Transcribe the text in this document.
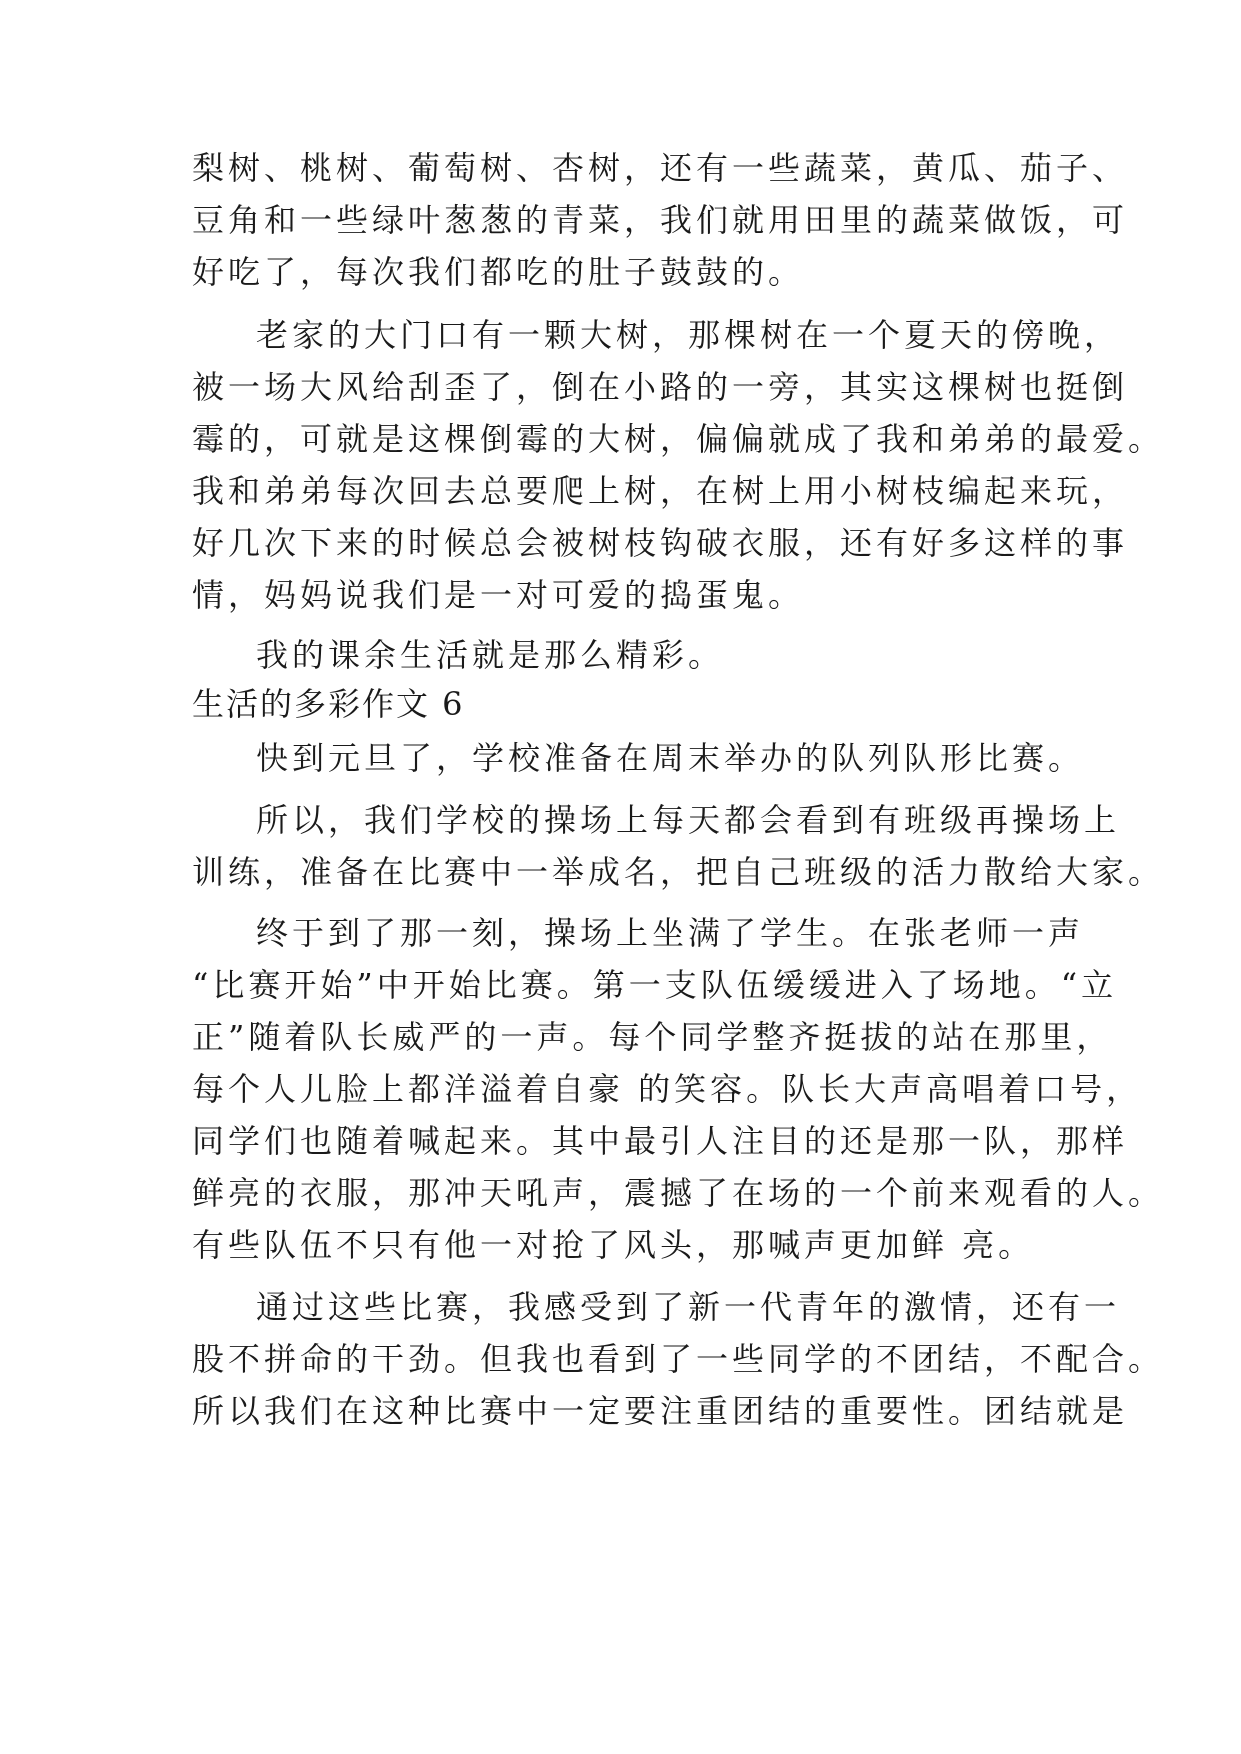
梨树、桃树、葡萄树、杏树，还有一些蔬菜，黄瓜、茄子、
豆角和一些绿叶葱葱的青菜，我们就用田里的蔬菜做饭，可
好吃了，每次我们都吃的肚子鼓鼓的。
老家的大门口有一颗大树，那棵树在一个夏天的傍晚，
被一场大风给刮歪了，倒在小路的一旁，其实这棵树也挺倒
霉的，可就是这棵倒霉的大树，偏偏就成了我和弟弟的最爱。
我和弟弟每次回去总要爬上树，在树上用小树枝编起来玩，
好几次下来的时候总会被树枝钩破衣服，还有好多这样的事
情，妈妈说我们是一对可爱的捣蛋鬼。
我的课余生活就是那么精彩。
生活的多彩作文 6
快到元旦了，学校准备在周末举办的队列队形比赛。
所以，我们学校的操场上每天都会看到有班级再操场上
训练，准备在比赛中一举成名，把自己班级的活力散给大家。
终于到了那一刻，操场上坐满了学生。在张老师一声
“比赛开始”中开始比赛。第一支队伍缓缓进入了场地。“立
正”随着队长威严的一声。每个同学整齐挺拔的站在那里，
每个人儿脸上都洋溢着自豪 的笑容。队长大声高唱着口号，
同学们也随着喊起来。其中最引人注目的还是那一队，那样
鲜亮的衣服，那冲天吼声，震撼了在场的一个前来观看的人。
有些队伍不只有他一对抢了风头，那喊声更加鲜 亮。
通过这些比赛，我感受到了新一代青年的激情，还有一
股不拼命的干劲。但我也看到了一些同学的不团结，不配合。
所以我们在这种比赛中一定要注重团结的重要性。团结就是
